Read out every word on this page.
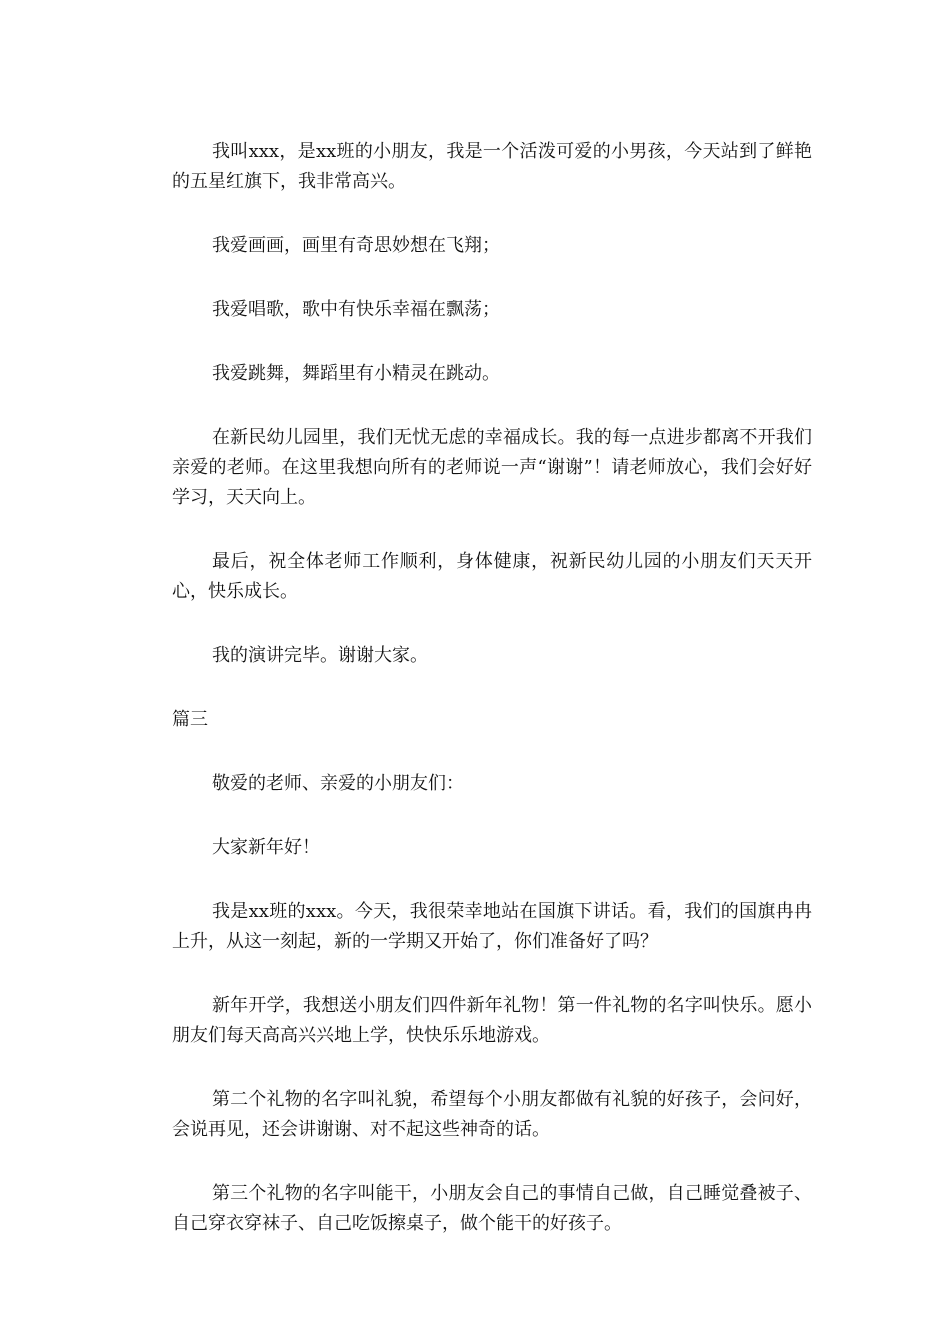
我叫xxx，是xx班的小朋友，我是一个活泼可爱的小男孩，今天站到了鲜艳的五星红旗下，我非常高兴。

我爱画画，画里有奇思妙想在飞翔；

我爱唱歌，歌中有快乐幸福在飘荡；

我爱跳舞，舞蹈里有小精灵在跳动。

在新民幼儿园里，我们无忧无虑的幸福成长。我的每一点进步都离不开我们亲爱的老师。在这里我想向所有的老师说一声“谢谢”！请老师放心，我们会好好学习，天天向上。

最后，祝全体老师工作顺利，身体健康，祝新民幼儿园的小朋友们天天开心，快乐成长。

我的演讲完毕。谢谢大家。

篇三

敬爱的老师、亲爱的小朋友们：

大家新年好！

我是xx班的xxx。今天，我很荣幸地站在国旗下讲话。看，我们的国旗冉冉上升，从这一刻起，新的一学期又开始了，你们准备好了吗？

新年开学，我想送小朋友们四件新年礼物！第一件礼物的名字叫快乐。愿小朋友们每天高高兴兴地上学，快快乐乐地游戏。

第二个礼物的名字叫礼貌，希望每个小朋友都做有礼貌的好孩子，会问好，会说再见，还会讲谢谢、对不起这些神奇的话。

第三个礼物的名字叫能干，小朋友会自己的事情自己做，自己睡觉叠被子、自己穿衣穿袜子、自己吃饭擦桌子，做个能干的好孩子。
